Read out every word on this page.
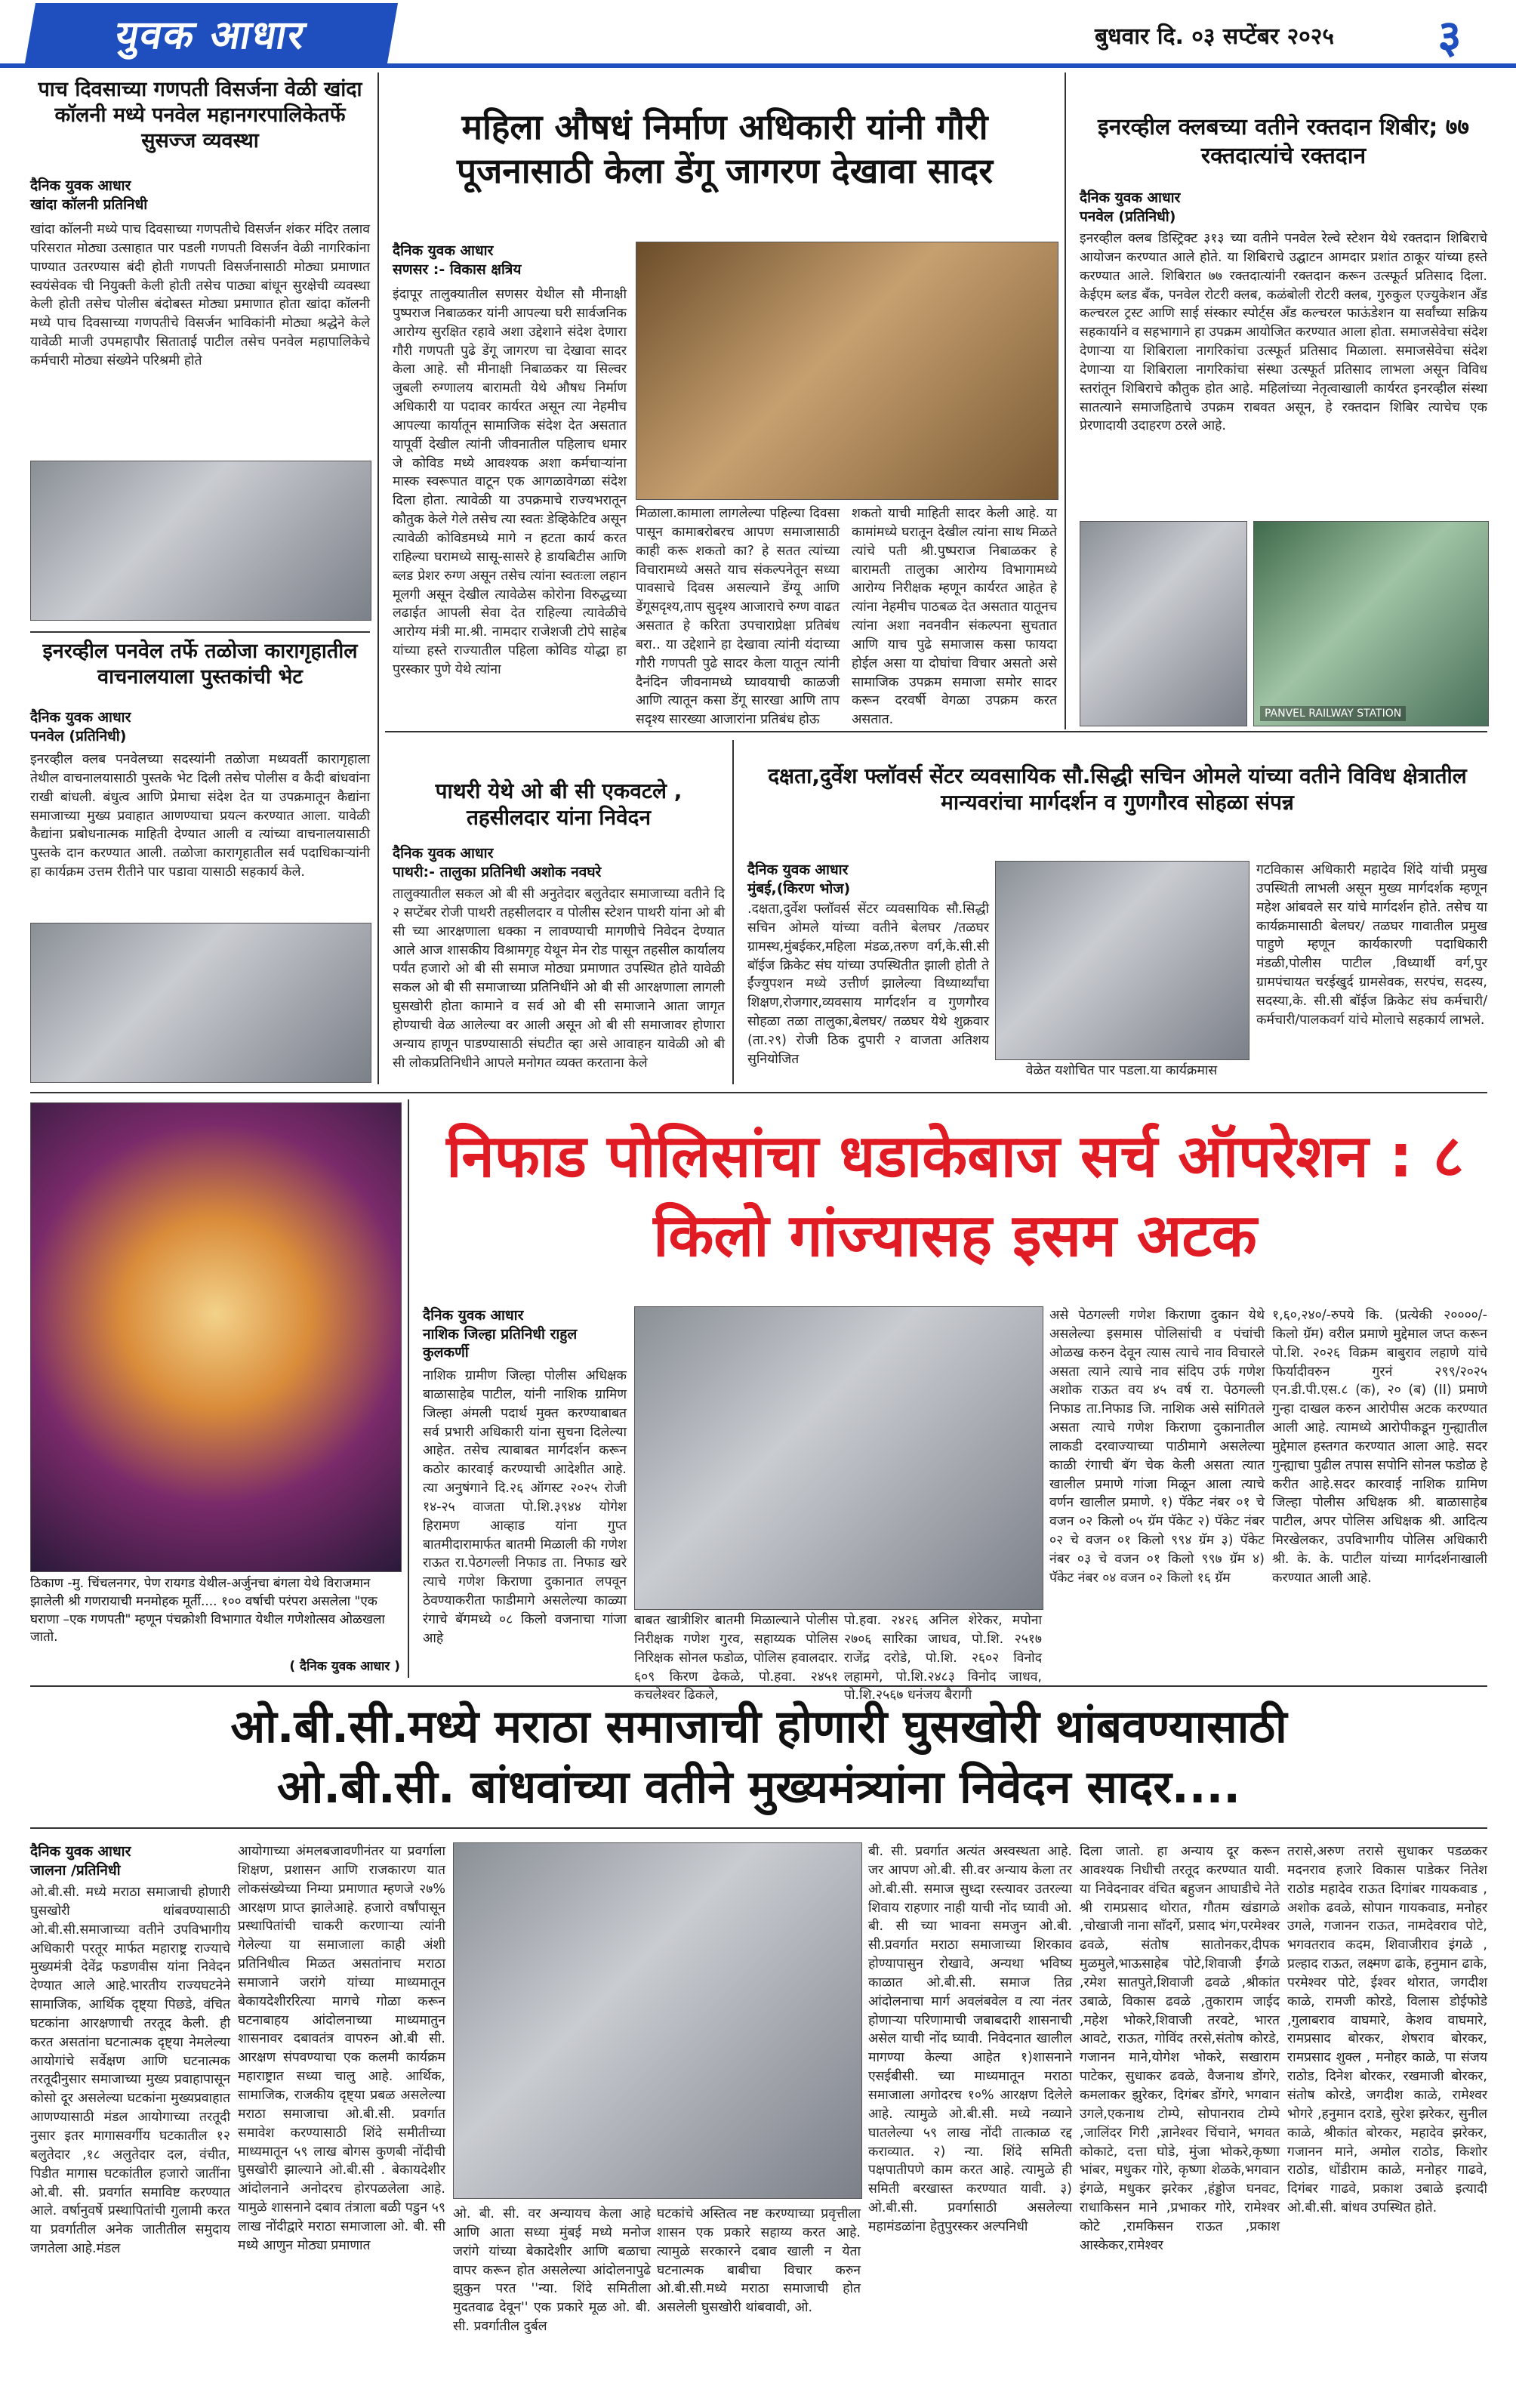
युवक आधार	बुधवार दि. ०३ सप्टेंबर २०२५	३
पाच दिवसाच्या गणपती विसर्जना वेळी खांदा कॉलनी मध्ये पनवेल महानगरपालिकेतर्फे सुसज्ज व्यवस्था
दैनिक युवक आधार
खांदा कॉलनी प्रतिनिधी
खांदा कॉलनी मध्ये पाच दिवसाच्या गणपतीचे विसर्जन शंकर मंदिर तलाव परिसरात मोठ्या उत्साहात पार पडली गणपती विसर्जन वेळी नागरिकांना पाण्यात उतरण्यास बंदी होती गणपती विसर्जनासाठी मोठ्या प्रमाणात स्वयंसेवक ची नियुक्ती केली होती तसेच पाठ्या बांधून सुरक्षेची व्यवस्था केली होती तसेच पोलीस बंदोबस्त मोठ्या प्रमाणात होता खांदा कॉलनी मध्ये पाच दिवसाच्या गणपतीचे विसर्जन भाविकांनी मोठ्या श्रद्धेने केले यावेळी माजी उपमहापौर सिताताई पाटील तसेच पनवेल महापालिकेचे कर्मचारी मोठ्या संख्येने परिश्रमी होते
इनरव्हील पनवेल तर्फे तळोजा कारागृहातील वाचनालयाला पुस्तकांची भेट
दैनिक युवक आधार
पनवेल (प्रतिनिधी)
इनरव्हील क्लब पनवेलच्या सदस्यांनी तळोजा मध्यवर्ती कारागृहाला तेथील वाचनालयासाठी पुस्तके भेट दिली तसेच पोलीस व कैदी बांधवांना राखी बांधली. बंधुत्व आणि प्रेमाचा संदेश देत या उपक्रमातून कैद्यांना समाजाच्या मुख्य प्रवाहात आणण्याचा प्रयत्न करण्यात आला. यावेळी कैद्यांना प्रबोधनात्मक माहिती देण्यात आली व त्यांच्या वाचनालयासाठी पुस्तके दान करण्यात आली. तळोजा कारागृहातील सर्व पदाधिकाऱ्यांनी हा कार्यक्रम उत्तम रीतीने पार पडावा यासाठी सहकार्य केले.
महिला औषधं निर्माण अधिकारी यांनी गौरी पूजनासाठी केला डेंगू जागरण देखावा सादर
दैनिक युवक आधार
सणसर :- विकास क्षत्रिय
इंदापूर तालुक्यातील सणसर येथील सौ मीनाक्षी पुष्पराज निबाळकर यांनी आपल्या घरी सार्वजनिक आरोग्य सुरक्षित रहावे अशा उद्देशाने संदेश देणारा गौरी गणपती पुढे डेंगू जागरण चा देखावा सादर केला आहे. सौ मीनाक्षी निबाळकर या सिल्वर जुबली रुग्णालय बारामती येथे औषध निर्माण अधिकारी या पदावर कार्यरत असून त्या नेहमीच आपल्या कार्यातून सामाजिक संदेश देत असतात यापूर्वी देखील त्यांनी जीवनातील पहिलाच धमार जे कोविड मध्ये आवश्यक अशा कर्मचाऱ्यांना मास्क स्वरूपात वाटून एक आगळावेगळा संदेश दिला होता. त्यावेळी या उपक्रमाचे राज्यभरातून कौतुक केले गेले तसेच त्या स्वतः डेव्हिकेटिव असून त्यावेळी कोविडमध्ये मागे न हटता कार्य करत राहिल्या घरामध्ये सासू-सासरे हे डायबिटीस आणि ब्लड प्रेशर रुग्ण असून तसेच त्यांना स्वतःला लहान मूलगी असून देखील त्यावेळेस कोरोना विरुद्धच्या लढाईत आपली सेवा देत राहिल्या त्यावेळीचे आरोग्य मंत्री मा.श्री. नामदार राजेशजी टोपे साहेब यांच्या हस्ते राज्यातील पहिला कोविड योद्धा हा पुरस्कार पुणे येथे त्यांना
मिळाला.कामाला लागलेल्या पहिल्या दिवसा पासून कामाबरोबरच आपण समाजासाठी काही करू शकतो का? हे सतत त्यांच्या विचारामध्ये असते याच संकल्पनेतून सध्या पावसाचे दिवस असल्याने डेंग्यू आणि डेंगूसदृश्य,ताप सुदृश्य आजाराचे रुग्ण वाढत असतात हे करिता उपचाराप्रेक्षा प्रतिबंध बरा.. या उद्देशाने हा देखावा त्यांनी यंदाच्या गौरी गणपती पुढे सादर केला यातून त्यांनी दैनंदिन जीवनामध्ये घ्यावयाची काळजी आणि त्यातून कसा डेंगू सारखा आणि ताप सदृश्य सारख्या आजारांना प्रतिबंध होऊ
शकतो याची माहिती सादर केली आहे. या कामांमध्ये घरातून देखील त्यांना साथ मिळते त्यांचे पती श्री.पुष्पराज निबाळकर हे बारामती तालुका आरोग्य विभागामध्ये आरोग्य निरीक्षक म्हणून कार्यरत आहेत हे त्यांना नेहमीच पाठबळ देत असतात यातूनच त्यांना अशा नवनवीन संकल्पना सुचतात आणि याच पुढे समाजास कसा फायदा होईल असा या दोघांचा विचार असतो असे सामाजिक उपक्रम समाजा समोर सादर करून दरवर्षी वेगळा उपक्रम करत असतात.
इनरव्हील क्लबच्या वतीने रक्तदान शिबीर; ७७ रक्तदात्यांचे रक्तदान
दैनिक युवक आधार
पनवेल (प्रतिनिधी)
इनरव्हील क्लब डिस्ट्रिक्ट ३१३ च्या वतीने पनवेल रेल्वे स्टेशन येथे रक्तदान शिबिराचे आयोजन करण्यात आले होते. या शिबिराचे उद्घाटन आमदार प्रशांत ठाकूर यांच्या हस्ते करण्यात आले. शिबिरात ७७ रक्तदात्यांनी रक्तदान करून उत्स्फूर्त प्रतिसाद दिला. केईएम ब्लड बँक, पनवेल रोटरी क्लब, कळंबोली रोटरी क्लब, गुरुकुल एज्युकेशन अँड कल्चरल ट्रस्ट आणि साई संस्कार स्पोर्ट्स अँड कल्चरल फाऊंडेशन या सर्वांच्या सक्रिय सहकार्याने व सहभागाने हा उपक्रम आयोजित करण्यात आला होता. समाजसेवेचा संदेश देणाऱ्या या शिबिराला नागरिकांचा उत्स्फूर्त प्रतिसाद मिळाला. समाजसेवेचा संदेश देणाऱ्या या शिबिराला नागरिकांचा संस्था उत्स्फूर्त प्रतिसाद लाभला असून विविध स्तरांतून शिबिराचे कौतुक होत आहे. महिलांच्या नेतृत्वाखाली कार्यरत इनरव्हील संस्था सातत्याने समाजहिताचे उपक्रम राबवत असून, हे रक्तदान शिबिर त्याचेच एक प्रेरणादायी उदाहरण ठरले आहे.
PANVEL RAILWAY STATION
पाथरी येथे ओ बी सी एकवटले , तहसीलदार यांना निवेदन
दैनिक युवक आधार
पाथरी:- तालुका प्रतिनिधी अशोक नवघरे
तालुक्यातील सकल ओ बी सी अनुतेदार बलुतेदार समाजाच्या वतीने दि २ सप्टेंबर रोजी पाथरी तहसीलदार व पोलीस स्टेशन पाथरी यांना ओ बी सी च्या आरक्षणाला धक्का न लावण्याची मागणीचे निवेदन देण्यात आले आज शासकीय विश्रामगृह येथून मेन रोड पासून तहसील कार्यालय पर्यंत हजारो ओ बी सी समाज मोठ्या प्रमाणात उपस्थित होते यावेळी सकल ओ बी सी समाजाच्या प्रतिनिधींने ओ बी सी आरक्षणाला लागली घुसखोरी होता कामाने व सर्व ओ बी सी समाजाने आता जागृत होण्याची वेळ आलेल्या वर आली असून ओ बी सी समाजावर होणारा अन्याय हाणून पाडण्यासाठी संघटीत व्हा असे आवाहन यावेळी ओ बी सी लोकप्रतिनिधीने आपले मनोगत व्यक्त करताना केले
दक्षता,दुर्वेश फ्लॉवर्स सेंटर व्यवसायिक सौ.सिद्धी सचिन ओमले यांच्या वतीने विविध क्षेत्रातील मान्यवरांचा मार्गदर्शन व गुणगौरव सोहळा संपन्न
दैनिक युवक आधार
मुंबई,(किरण भोज)
.दक्षता,दुर्वेश फ्लॉवर्स सेंटर व्यवसायिक सौ.सिद्धी सचिन ओमले यांच्या वतीने बेलघर /तळघर ग्रामस्थ,मुंबईकर,महिला मंडळ,तरुण वर्ग,के.सी.सी बॉईज क्रिकेट संघ यांच्या उपस्थितीत झाली होती ते ईंज्युपशन मध्ये उत्तीर्ण झालेल्या विध्यार्थ्यांचा शिक्षण,रोजगार,व्यवसाय मार्गदर्शन व गुणगौरव सोहळा तळा तालुका,बेलघर/ तळघर येथे शुक्रवार (ता.२९) रोजी ठिक दुपारी २ वाजता अतिशय सुनियोजित
वेळेत यशोचित पार पडला.या कार्यक्रमास
गटविकास अधिकारी महादेव शिंदे यांची प्रमुख उपस्थिती लाभली असून मुख्य मार्गदर्शक म्हणून महेश आंबवले सर यांचे मार्गदर्शन होते. तसेच या कार्यक्रमासाठी बेलघर/ तळघर गावातील प्रमुख पाहुणे म्हणून कार्यकारणी पदाधिकारी मंडळी,पोलीस पाटील ,विध्यार्थी वर्ग,पुर ग्रामपंचायत चरईखुर्द ग्रामसेवक, सरपंच, सदस्य, सदस्या,के. सी.सी बॉईज क्रिकेट संघ कर्मचारी/कर्मचारी/पालकवर्ग यांचे मोलाचे सहकार्य लाभले.
ठिकाण -मु. चिंचलनगर, पेण रायगड येथील-अर्जुनचा बंगला येथे विराजमान झालेली श्री गणरायाची मनमोहक मूर्ती.... १०० वर्षाची परंपरा असलेला "एक घराणा –एक गणपती" म्हणून पंचक्रोशी विभागात येथील गणेशोत्सव ओळखला जातो.
( दैनिक युवक आधार )
निफाड पोलिसांचा धडाकेबाज सर्च ऑपरेशन : ८ किलो गांज्यासह इसम अटक
दैनिक युवक आधार
नाशिक जिल्हा प्रतिनिधी राहुल कुलकर्णी
नाशिक ग्रामीण जिल्हा पोलीस अधिक्षक बाळासाहेब पाटील, यांनी नाशिक ग्रामिण जिल्हा अंमली पदार्थ मुक्त करण्याबाबत सर्व प्रभारी अधिकारी यांना सुचना दिलेल्या आहेत. तसेच त्याबाबत मार्गदर्शन करून कठोर कारवाई करण्याची आदेशीत आहे. त्या अनुषंगाने दि.२६ ऑगस्ट २०२५ रोजी १४-२५ वाजता पो.शि.३९४४ योगेश हिरामण आव्हाड यांना गुप्त बातमीदारामार्फत बातमी मिळाली की गणेश राऊत रा.पेठगल्ली निफाड ता. निफाड खरे त्याचे गणेश किराणा दुकानात लपवून ठेवण्याकरीता फाडीमागे असलेल्या काळ्या रंगाचे बॅगमध्ये ०८ किलो वजनाचा गांजा आहे
बाबत खात्रीशिर बातमी मिळाल्याने पोलीस निरीक्षक गणेश गुरव, सहाय्यक पोलिस निरिक्षक सोनल फडोळ, पोलिस हवालदार. ६०९ किरण ढेकळे, पो.हवा. २४५१ कचलेश्वर ढिकले,
पो.हवा. २४२६ अनिल शेरेकर, मपोना २७०६ सारिका जाधव, पो.शि. २५१७ राजेंद्र दरोडे, पो.शि. २६०२ विनोद लहामगे, पो.शि.२४८३ विनोद जाधव, पो.शि.२५६७ धनंजय बैरागी
असे पेठगल्ली गणेश किराणा दुकान येथे असलेल्या इसमास पोलिसांची व पंचांची ओळख करुन देवून त्यास त्याचे नाव विचारले असता त्याने त्याचे नाव संदिप उर्फ गणेश अशोक राऊत वय ४५ वर्ष रा. पेठगल्ली निफाड ता.निफाड जि. नाशिक असे सांगितले असता त्याचे गणेश किराणा दुकानातील लाकडी दरवाज्याच्या पाठीमागे असलेल्या काळी रंगाची बॅग चेक केली असता त्यात खालील प्रमाणे गांजा मिळून आला त्याचे वर्णन खालील प्रमाणे. १) पॅकेट नंबर ०१ चे वजन ०२ किलो ०५ ग्रॅम पॅकेट २) पॅकेट नंबर ०२ चे वजन ०१ किलो ९९४ ग्रॅम ३) पॅकेट नंबर ०३ चे वजन ०१ किलो ९९७ ग्रॅम ४) पॅकेट नंबर ०४ वजन ०२ किलो १६ ग्रॅम
१,६०,२४०/-रुपये कि. (प्रत्येकी २००००/- किलो ग्रॅम) वरील प्रमाणे मुद्देमाल जप्त करून पो.शि. २०२६ विक्रम बाबुराव लहाणे यांचे फिर्यादीवरुन गुरनं २९९/२०२५ एन.डी.पी.एस.८ (क), २० (ब) (II) प्रमाणे गुन्हा दाखल करुन आरोपीस अटक करण्यात आली आहे. त्यामध्ये आरोपीकडून गुन्ह्यातील मुद्देमाल हस्तगत करण्यात आला आहे. सदर गुन्ह्याचा पुढील तपास सपोनि सोनल फडोळ हे करीत आहे.सदर कारवाई नाशिक ग्रामिण जिल्हा पोलीस अधिक्षक श्री. बाळासाहेब पाटील, अपर पोलिस अधिक्षक श्री. आदित्य मिरखेलकर, उपविभागीय पोलिस अधिकारी श्री. के. के. पाटील यांच्या मार्गदर्शनाखाली करण्यात आली आहे.
ओ.बी.सी.मध्ये मराठा समाजाची होणारी घुसखोरी थांबवण्यासाठी
ओ.बी.सी. बांधवांच्या वतीने मुख्यमंत्र्यांना निवेदन सादर....
दैनिक युवक आधार
जालना /प्रतिनिधी
ओ.बी.सी. मध्ये मराठा समाजाची होणारी घुसखोरी थांबवण्यासाठी ओ.बी.सी.समाजाच्या वतीने उपविभागीय अधिकारी परतूर मार्फत महाराष्ट्र राज्याचे मुख्यमंत्री देवेंद्र फडणवीस यांना निवेदन देण्यात आले आहे.भारतीय राज्यघटनेने सामाजिक, आर्थिक दृष्ट्या पिछडे, वंचित घटकांना आरक्षणाची तरतूद केली. ही करत असतांना घटनात्मक दृष्ट्या नेमलेल्या आयोगांचे सर्वेक्षण आणि घटनात्मक तरतूदीनुसार समाजाच्या मुख्य प्रवाहापासून कोसो दूर असलेल्या घटकांना मुख्यप्रवाहात आणण्यासाठी मंडल आयोगाच्या तरतूदी नुसार इतर मागासवर्गीय घटकातील १२ बलुतेदार ,१८ अलुतेदार दल, वंचीत, पिडीत मागास घटकांतील हजारो जातींना ओ.बी. सी. प्रवर्गात समाविष्ट करण्यात आले. वर्षानुवर्षे प्रस्थापितांची गुलामी करत या प्रवर्गातील अनेक जातीतील समुदाय जगतेला आहे.मंडल
आयोगाच्या अंमलबजावणीनंतर या प्रवर्गाला शिक्षण, प्रशासन आणि राजकारण यात लोकसंख्येच्या निम्या प्रमाणात म्हणजे २७% आरक्षण प्राप्त झालेआहे. हजारो वर्षांपासून प्रस्थापितांची चाकरी करणाऱ्या त्यांनी गेलेल्या या समाजाला काही अंशी प्रतिनिधीत्व मिळत असतांनाच मराठा समाजाने जरांगे यांच्या माध्यमातून बेकायदेशीररित्या मागचे गोळा करून घटनाबाहय आंदोलनाच्या माध्यमातुन शासनावर दबावतंत्र वापरुन ओ.बी सी. आरक्षण संपवण्याचा एक कलमी कार्यक्रम महाराष्ट्रात सध्या चालु आहे. आर्थिक, सामाजिक, राजकीय दृष्ट्या प्रबळ असलेल्या मराठा समाजाचा ओ.बी.सी. प्रवर्गात समावेश करण्यासाठी शिंदे समीतीच्या माध्यमातून ५९ लाख बोगस कुणबी नोंदीची घुसखोरी झाल्याने ओ.बी.सी . बेकायदेशीर आंदोलनाने अनोदरच होरपळलेला आहे. यामुळे शासनाने दबाव तंत्राला बळी पडुन ५९ लाख नोंदीद्वारे मराठा समाजाला ओ. बी. सी मध्ये आणुन मोठ्या प्रमाणात
ओ. बी. सी. वर अन्यायच केला आहे आणि आता सध्या मुंबई मध्ये मनोज जरांगे यांच्या बेकादेशीर आणि बळाचा वापर करून होत असलेल्या आंदोलनापुढे झुकुन परत ''न्या. शिंदे समितीला मुदतवाढ देवून'' एक प्रकारे मूळ ओ. बी. सी. प्रवर्गातील दुर्बल
घटकांचे अस्तित्व नष्ट करण्याच्या प्रवृत्तीला शासन एक प्रकारे सहाय्य करत आहे. त्यामुळे सरकारने दबाव खाली न येता घटनात्मक बाबीचा विचार करुन ओ.बी.सी.मध्ये मराठा समाजाची होत असलेली घुसखोरी थांबवावी, ओ.
बी. सी. प्रवर्गात अत्यंत अस्वस्थता आहे. जर आपण ओ.बी. सी.वर अन्याय केला तर ओ.बी.सी. समाज सुध्दा रस्त्यावर उतरल्या शिवाय राहणार नाही याची नोंद घ्यावी ओ. बी. सी च्या भावना समजुन ओ.बी. सी.प्रवर्गात मराठा समाजाच्या शिरकाव होण्यापासुन रोखावे, अन्यथा भविष्य काळात ओ.बी.सी. समाज तिव्र आंदोलनाचा मार्ग अवलंबवेल व त्या नंतर होणाऱ्या परिणामाची जबाबदारी शासनाची असेल याची नोंद घ्यावी. निवेदनात खालील मागण्या केल्या आहेत १)शासनाने एसईबीसी. च्या माध्यमातून मराठा समाजाला अगोदरच १०% आरक्षण दिलेले आहे. त्यामुळे ओ.बी.सी. मध्ये नव्याने घातलेल्या ५९ लाख नोंदी तात्काळ रद्द कराव्यात. २) न्या. शिंदे समिती पक्षपातीपणे काम करत आहे. त्यामुळे ही समिती बरखास्त करण्यात यावी. ३) ओ.बी.सी. प्रवर्गासाठी असलेल्या महामंडळांना हेतुपुरस्कर अल्पनिधी
दिला जातो. हा अन्याय दूर करून आवश्यक निधीची तरतूद करण्यात यावी. या निवेदनावर वंचित बहुजन आघाडीचे नेते श्री रामप्रसाद थोरात, गौतम खंडागळे ,चोखाजी नाना साँदर्गे, प्रसाद भंग,परमेश्वर ढवळे, संतोष सातोनकर,दीपक मुळमुले,भाऊसाहेब पोटे,शिवाजी ईंगळे ,रमेश सातपुते,शिवाजी ढवळे ,श्रीकांत उबाळे, विकास ढवळे ,तुकाराम जाईद ,महेश भोकरे,शिवाजी तरवटे, भारत आवटे, राऊत, गोविंद तरसे,संतोष कोरडे, गजानन माने,योगेश भोकरे, सखाराम पाटेकर, सुधाकर ढवळे, वैजनाथ डोंगरे, कमलाकर झुरेकर, दिगंबर डोंगरे, भगवान उगले,एकनाथ टोम्पे, सोपानराव टोम्पे ,जालिंदर गिरी ,ज्ञानेश्वर चिंचाने, भगवत कोकाटे, दत्ता घोडे, मुंजा भोकरे,कृष्णा भांबर, मधुकर गोरे, कृष्णा शेळके,भगवान इंगळे, मधुकर झरेकर ,हंड्डोज घनवट, राधाकिसन माने ,प्रभाकर गोरे, रामेश्वर कोटे ,रामकिसन राऊत ,प्रकाश आस्केकर,रामेश्वर
तरासे,अरुण तरासे सुधाकर पडळकर मदनराव हजारे विकास पाडेकर नितेश राठोड महादेव राऊत दिगांबर गायकवाड , अशोक ढवळे, सोपान गायकवाड, मनोहर उगले, गजानन राऊत, नामदेवराव पोटे, भगवतराव कदम, शिवाजीराव इंगळे , प्रल्हाद राऊत, लक्ष्मण ढाके, हनुमान ढाके, परमेश्वर पोटे, ईश्वर थोरात, जगदीश काळे, रामजी कोरडे, विलास डोईफोडे ,गुलाबराव वाघमारे, केशव वाघमारे, रामप्रसाद बोरकर, शेषराव बोरकर, रामप्रसाद शुक्ल , मनोहर काळे, पा संजय राठोड, दिनेश बोरकर, रखमाजी बोरकर, संतोष कोरडे, जगदीश काळे, रामेश्वर भोगरे ,हनुमान दराडे, सुरेश झरेकर, सुनील काळे, श्रीकांत बोरकर, महादेव झरेकर, गजानन माने, अमोल राठोड, किशोर राठोड, धोंडीराम काळे, मनोहर गाढवे, दिगंबर गाढवे, प्रकाश उबाळे इत्यादी ओ.बी.सी. बांधव उपस्थित होते.
